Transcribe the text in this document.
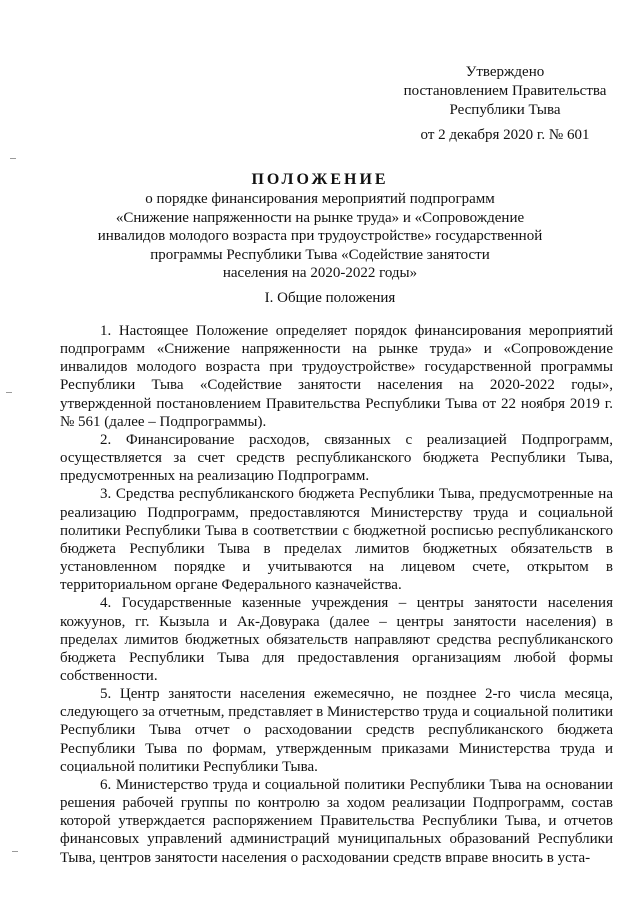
Утверждено
постановлением Правительства
Республики Тыва
от 2 декабря 2020 г. № 601
ПОЛОЖЕНИЕ
о порядке финансирования мероприятий подпрограмм
«Снижение напряженности на рынке труда» и «Сопровождение
инвалидов молодого возраста при трудоустройстве» государственной
программы Республики Тыва «Содействие занятости
населения на 2020-2022 годы»
I. Общие положения

1. Настоящее Положение определяет порядок финансирования мероприятий подпрограмм «Снижение напряженности на рынке труда» и «Сопровождение инвалидов молодого возраста при трудоустройстве» государственной программы Республики Тыва «Содействие занятости населения на 2020-2022 годы», утвержденной постановлением Правительства Республики Тыва от 22 ноября 2019 г. № 561 (далее – Подпрограммы).

2. Финансирование расходов, связанных с реализацией Подпрограмм, осуществляется за счет средств республиканского бюджета Республики Тыва, предусмотренных на реализацию Подпрограмм.

3. Средства республиканского бюджета Республики Тыва, предусмотренные на реализацию Подпрограмм, предоставляются Министерству труда и социальной политики Республики Тыва в соответствии с бюджетной росписью республиканского бюджета Республики Тыва в пределах лимитов бюджетных обязательств в установленном порядке и учитываются на лицевом счете, открытом в территориальном органе Федерального казначейства.

4. Государственные казенные учреждения – центры занятости населения кожуунов, гг. Кызыла и Ак-Довурака (далее – центры занятости населения) в пределах лимитов бюджетных обязательств направляют средства республиканского бюджета Республики Тыва для предоставления организациям любой формы собственности.

5. Центр занятости населения ежемесячно, не позднее 2-го числа месяца, следующего за отчетным, представляет в Министерство труда и социальной политики Республики Тыва отчет о расходовании средств республиканского бюджета Республики Тыва по формам, утвержденным приказами Министерства труда и социальной политики Республики Тыва.

6. Министерство труда и социальной политики Республики Тыва на основании решения рабочей группы по контролю за ходом реализации Подпрограмм, состав которой утверждается распоряжением Правительства Республики Тыва, и отчетов финансовых управлений администраций муниципальных образований Республики Тыва, центров занятости населения о расходовании средств вправе вносить в уста-
